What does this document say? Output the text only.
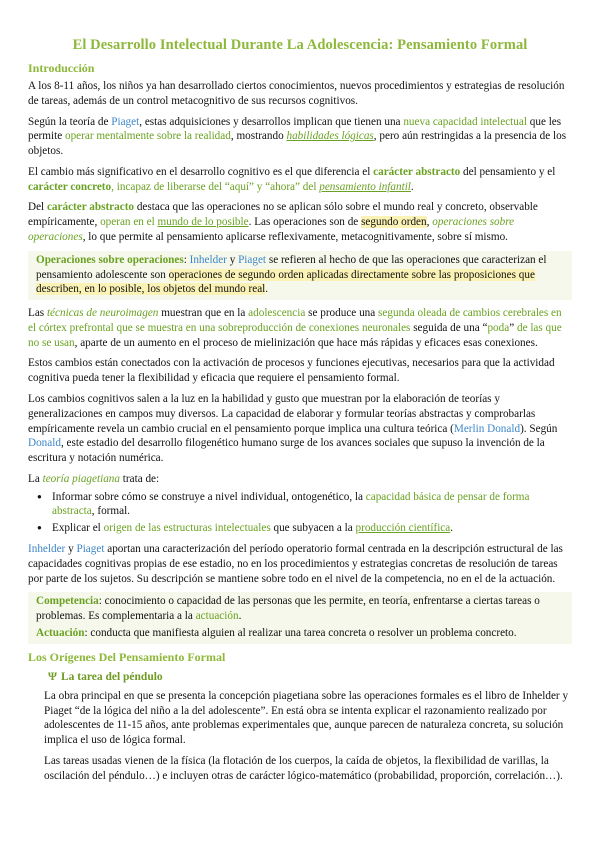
El Desarrollo Intelectual Durante La Adolescencia: Pensamiento Formal
Introducción

A los 8-11 años, los niños ya han desarrollado ciertos conocimientos, nuevos procedimientos y estrategias de resolución de tareas, además de un control metacognitivo de sus recursos cognitivos.

Según la teoría de Piaget, estas adquisiciones y desarrollos implican que tienen una nueva capacidad intelectual que les permite operar mentalmente sobre la realidad, mostrando habilidades lógicas, pero aún restringidas a la presencia de los objetos.

El cambio más significativo en el desarrollo cognitivo es el que diferencia el carácter abstracto del pensamiento y el carácter concreto, incapaz de liberarse del “aquí” y “ahora” del pensamiento infantil.

Del carácter abstracto destaca que las operaciones no se aplican sólo sobre el mundo real y concreto, observable empíricamente, operan en el mundo de lo posible. Las operaciones son de segundo orden, operaciones sobre operaciones, lo que permite al pensamiento aplicarse reflexivamente, metacognitivamente, sobre sí mismo.

Operaciones sobre operaciones: Inhelder y Piaget se refieren al hecho de que las operaciones que caracterizan el pensamiento adolescente son operaciones de segundo orden aplicadas directamente sobre las proposiciones que describen, en lo posible, los objetos del mundo real.

Las técnicas de neuroimagen muestran que en la adolescencia se produce una segunda oleada de cambios cerebrales en el córtex prefrontal que se muestra en una sobreproducción de conexiones neuronales seguida de una “poda” de las que no se usan, aparte de un aumento en el proceso de mielinización que hace más rápidas y eficaces esas conexiones.

Estos cambios están conectados con la activación de procesos y funciones ejecutivas, necesarios para que la actividad cognitiva pueda tener la flexibilidad y eficacia que requiere el pensamiento formal.

Los cambios cognitivos salen a la luz en la habilidad y gusto que muestran por la elaboración de teorías y generalizaciones en campos muy diversos. La capacidad de elaborar y formular teorías abstractas y comprobarlas empíricamente revela un cambio crucial en el pensamiento porque implica una cultura teórica (Merlin Donald). Según Donald, este estadio del desarrollo filogenético humano surge de los avances sociales que supuso la invención de la escritura y notación numérica.

La teoría piagetiana trata de:

● Informar sobre cómo se construye a nivel individual, ontogenético, la capacidad básica de pensar de forma abstracta, formal.
● Explicar el origen de las estructuras intelectuales que subyacen a la producción científica.

Inhelder y Piaget aportan una caracterización del período operatorio formal centrada en la descripción estructural de las capacidades cognitivas propias de ese estadio, no en los procedimientos y estrategias concretas de resolución de tareas por parte de los sujetos. Su descripción se mantiene sobre todo en el nivel de la competencia, no en el de la actuación.

Competencia: conocimiento o capacidad de las personas que les permite, en teoría, enfrentarse a ciertas tareas o problemas. Es complementaria a la actuación.
Actuación: conducta que manifiesta alguien al realizar una tarea concreta o resolver un problema concreto.
Los Orígenes Del Pensamiento Formal
Ψ La tarea del péndulo

La obra principal en que se presenta la concepción piagetiana sobre las operaciones formales es el libro de Inhelder y Piaget “de la lógica del niño a la del adolescente”. En está obra se intenta explicar el razonamiento realizado por adolescentes de 11-15 años, ante problemas experimentales que, aunque parecen de naturaleza concreta, su solución implica el uso de lógica formal.

Las tareas usadas vienen de la física (la flotación de los cuerpos, la caída de objetos, la flexibilidad de varillas, la oscilación del péndulo…) e incluyen otras de carácter lógico-matemático (probabilidad, proporción, correlación…).
